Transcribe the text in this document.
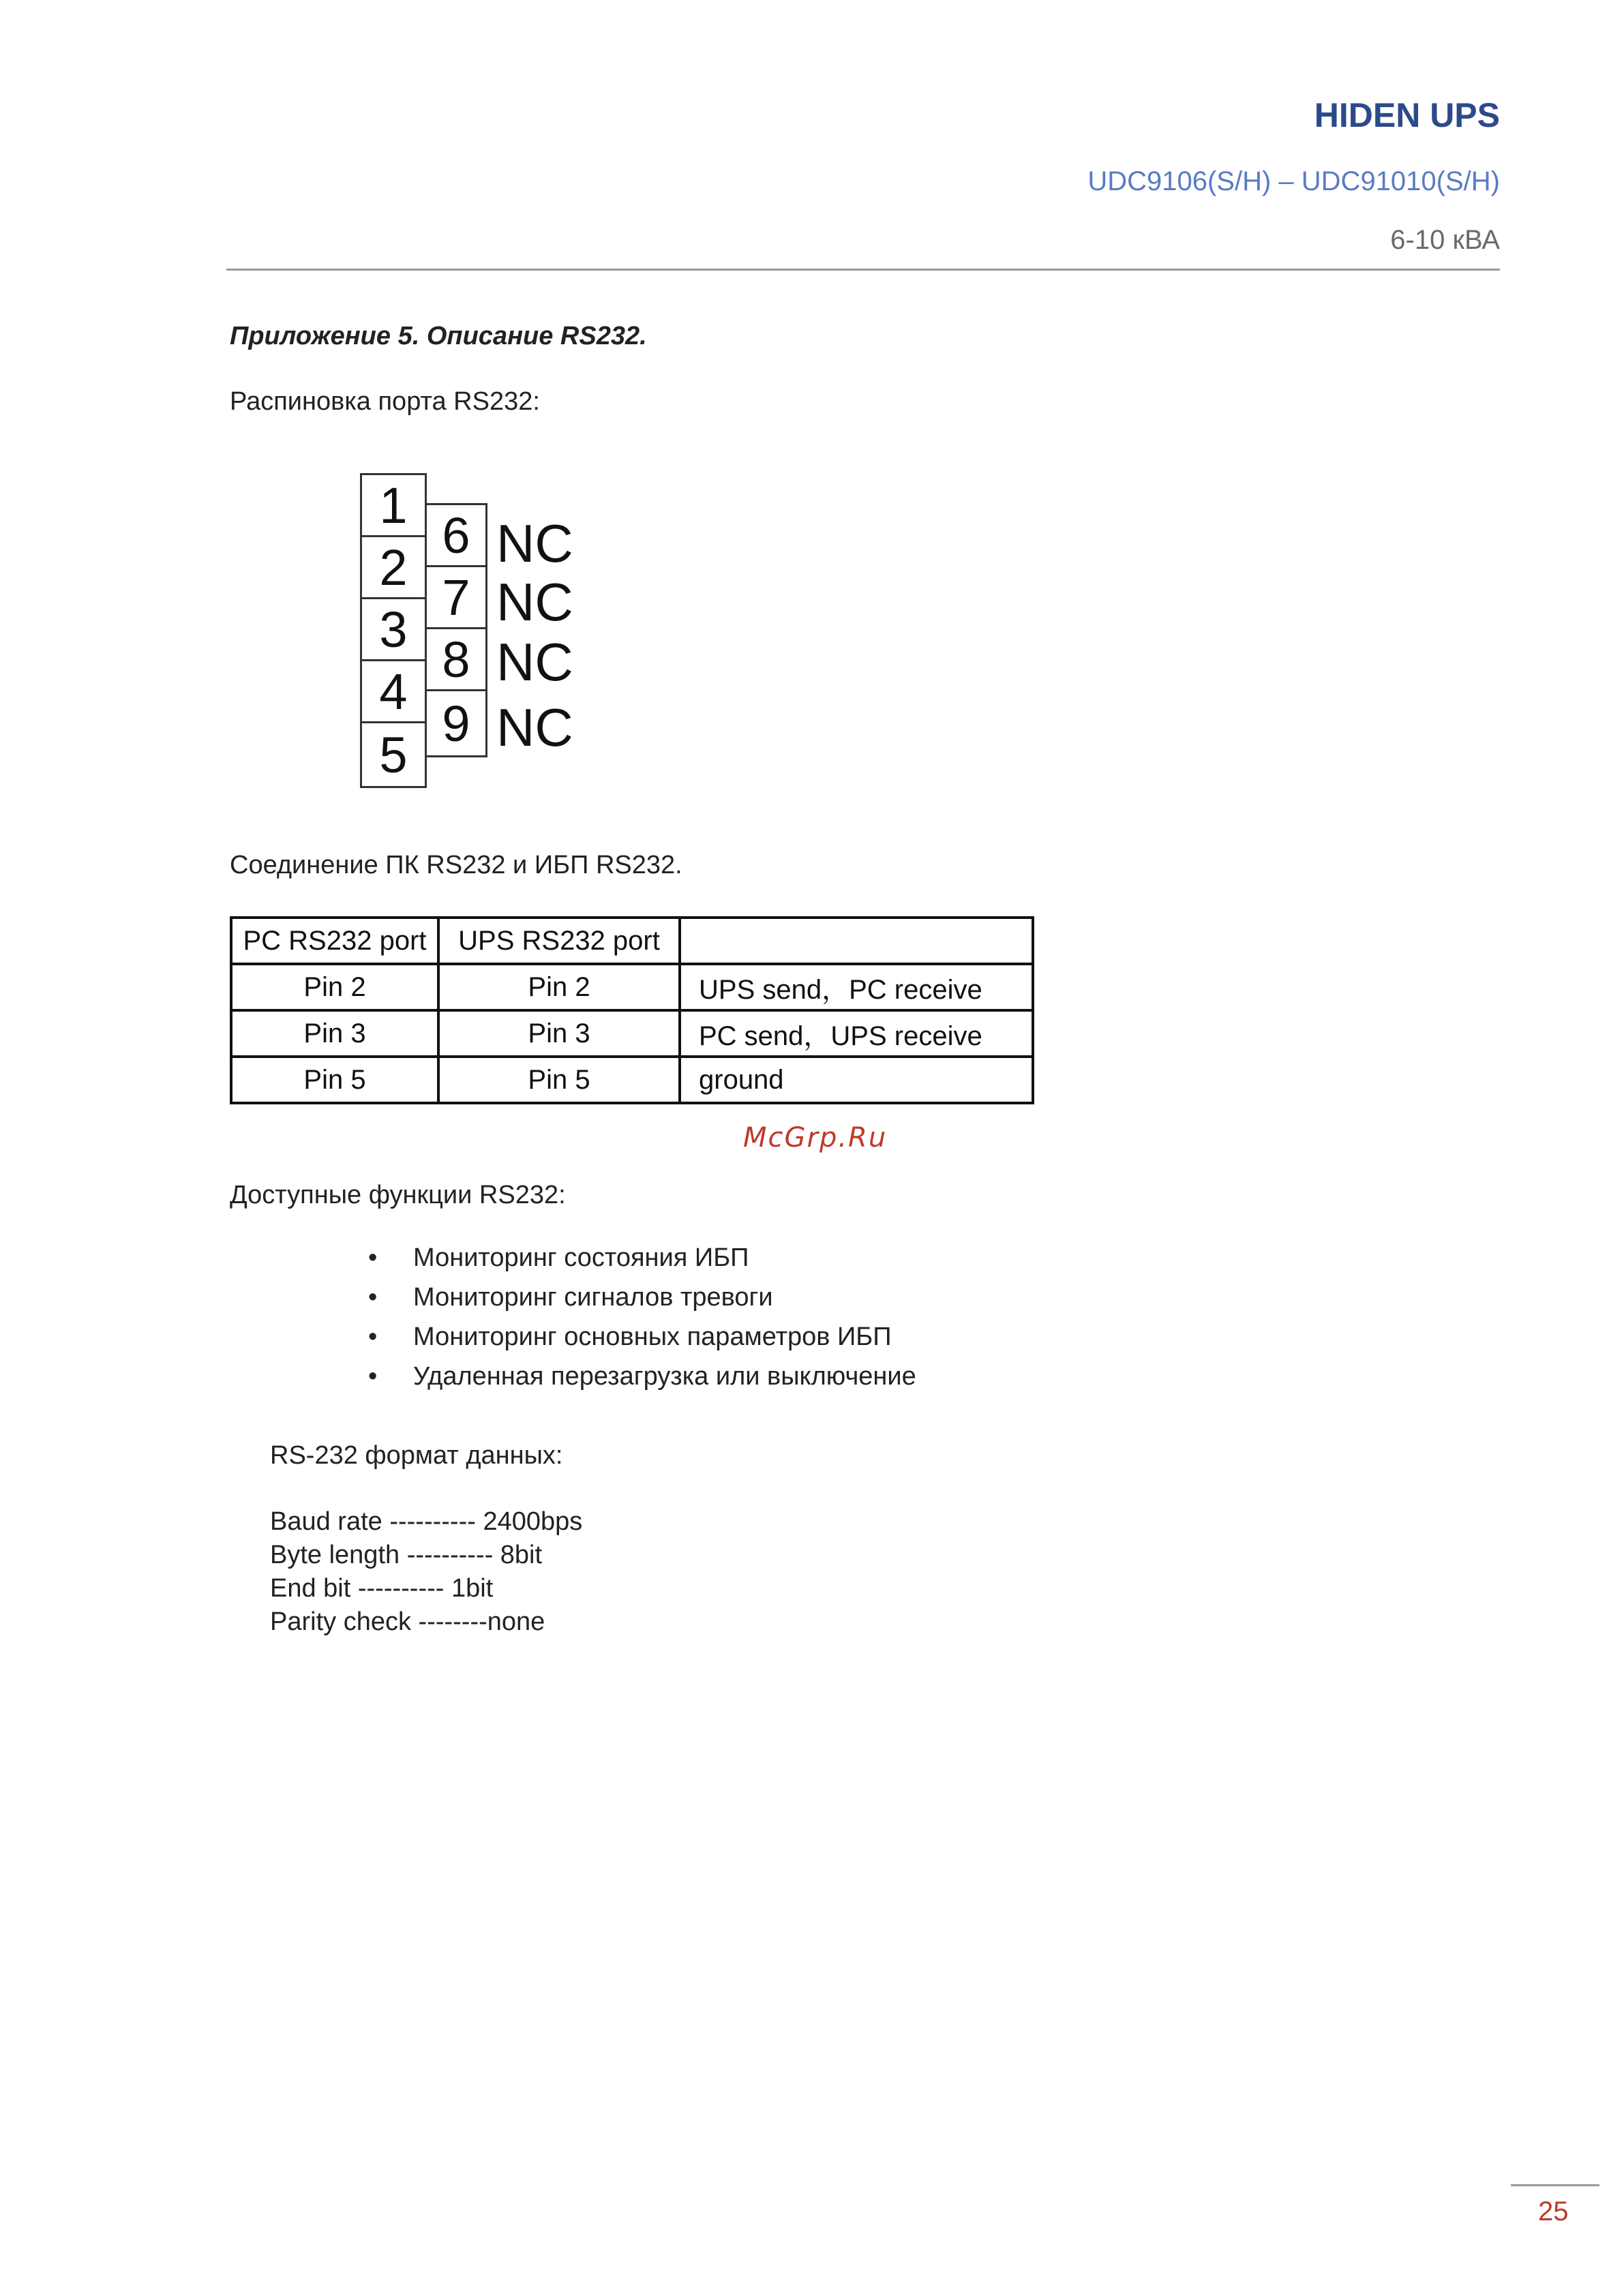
HIDEN UPS
UDC9106(S/H) – UDC91010(S/H)
6-10 кВА
Приложение 5. Описание RS232.
Распиновка порта RS232:
1
2
3
4
5
6
7
8
9
NC
NC
NC
NC
Соединение ПК RS232 и ИБП RS232.
PC RS232 port	UPS RS232 port	
Pin 2	Pin 2	UPS send，PC receive
Pin 3	Pin 3	PC send，UPS receive
Pin 5	Pin 5	ground
McGrp.Ru
Доступные функции RS232:
• Мониторинг состояния ИБП
• Мониторинг сигналов тревоги
• Мониторинг основных параметров ИБП
• Удаленная перезагрузка или выключение
RS-232 формат данных:
Baud rate ---------- 2400bps
Byte length ---------- 8bit
End bit ---------- 1bit
Parity check --------none
25
